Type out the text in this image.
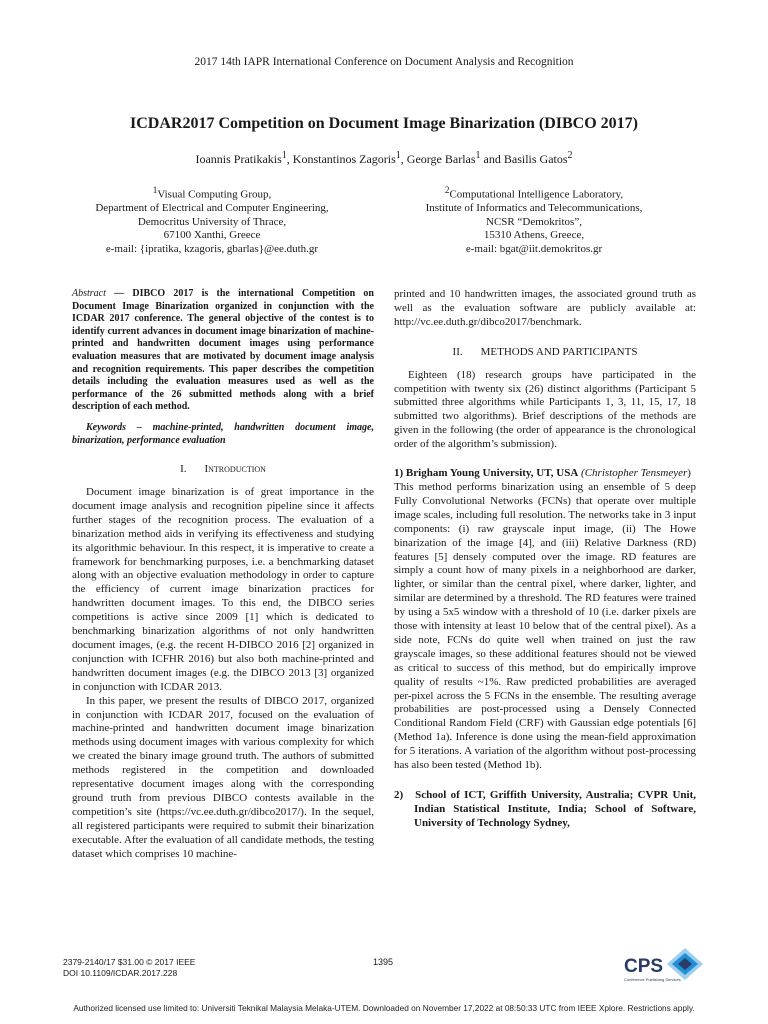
2017 14th IAPR International Conference on Document Analysis and Recognition
ICDAR2017 Competition on Document Image Binarization (DIBCO 2017)
Ioannis Pratikakis$^1$, Konstantinos Zagoris$^1$, George Barlas$^1$ and Basilis Gatos$^2$
$^1$Visual Computing Group,
Department of Electrical and Computer Engineering,
Democritus University of Thrace,
67100 Xanthi, Greece
e-mail: {ipratika, kzagoris, gbarlas}@ee.duth.gr
$^2$Computational Intelligence Laboratory,
Institute of Informatics and Telecommunications,
NCSR “Demokritos”,
15310 Athens, Greece,
e-mail: bgat@iit.demokritos.gr

Abstract — DIBCO 2017 is the international Competition on Document Image Binarization organized in conjunction with the ICDAR 2017 conference. The general objective of the contest is to identify current advances in document image binarization of machine-printed and handwritten document images using performance evaluation measures that are motivated by document image analysis and recognition requirements. This paper describes the competition details including the evaluation measures used as well as the performance of the 26 submitted methods along with a brief description of each method.

Keywords – machine-printed, handwritten document image, binarization, performance evaluation

I. Introduction

Document image binarization is of great importance in the document image analysis and recognition pipeline since it affects further stages of the recognition process. The evaluation of a binarization method aids in verifying its effectiveness and studying its algorithmic behaviour. In this respect, it is imperative to create a framework for benchmarking purposes, i.e. a benchmarking dataset along with an objective evaluation methodology in order to capture the efficiency of current image binarization practices for handwritten document images. To this end, the DIBCO series competitions is active since 2009 [1] which is dedicated to benchmarking binarization algorithms of not only handwritten document images, (e.g. the recent H-DIBCO 2016 [2] organized in conjunction with ICFHR 2016) but also both machine-printed and handwritten document images (e.g. the DIBCO 2013 [3] organized in conjunction with ICDAR 2013.

In this paper, we present the results of DIBCO 2017, organized in conjunction with ICDAR 2017, focused on the evaluation of machine-printed and handwritten document image binarization methods using document images with various complexity for which we created the binary image ground truth. The authors of submitted methods registered in the competition and downloaded representative document images along with the corresponding ground truth from previous DIBCO contests available in the competition’s site (https://vc.ee.duth.gr/dibco2017/). In the sequel, all registered participants were required to submit their binarization executable. After the evaluation of all candidate methods, the testing dataset which comprises 10 machine-

printed and 10 handwritten images, the associated ground truth as well as the evaluation software are publicly available at: http://vc.ee.duth.gr/dibco2017/benchmark.

II. METHODS AND PARTICIPANTS

Eighteen (18) research groups have participated in the competition with twenty six (26) distinct algorithms (Participant 5 submitted three algorithms while Participants 1, 3, 11, 15, 17, 18 submitted two algorithms). Brief descriptions of the methods are given in the following (the order of appearance is the chronological order of the algorithm’s submission).

1) Brigham Young University, UT, USA (Christopher Tensmeyer)

This method performs binarization using an ensemble of 5 deep Fully Convolutional Networks (FCNs) that operate over multiple image scales, including full resolution. The networks take in 3 input components: (i) raw grayscale input image, (ii) The Howe binarization of the image [4], and (iii) Relative Darkness (RD) features [5] densely computed over the image. RD features are simply a count how of many pixels in a neighborhood are darker, lighter, or similar than the central pixel, where darker, lighter, and similar are determined by a threshold. The RD features were trained by using a 5x5 window with a threshold of 10 (i.e. darker pixels are those with intensity at least 10 below that of the central pixel). As a side note, FCNs do quite well when trained on just the raw grayscale images, so these additional features should not be viewed as critical to success of this method, but do empirically improve quality of results ~1%. Raw predicted probabilities are averaged per-pixel across the 5 FCNs in the ensemble. The resulting average probabilities are post-processed using a Densely Connected Conditional Random Field (CRF) with Gaussian edge potentials [6] (Method 1a). Inference is done using the mean-field approximation for 5 iterations. A variation of the algorithm without post-processing has also been tested (Method 1b).

2) School of ICT, Griffith University, Australia; CVPR Unit, Indian Statistical Institute, India; School of Software, University of Technology Sydney,

2379-2140/17 $31.00 © 2017 IEEE
DOI 10.1109/ICDAR.2017.228
1395	CPS
Conference Publishing Services
Authorized licensed use limited to: Universiti Teknikal Malaysia Melaka-UTEM. Downloaded on November 17,2022 at 08:50:33 UTC from IEEE Xplore. Restrictions apply.
